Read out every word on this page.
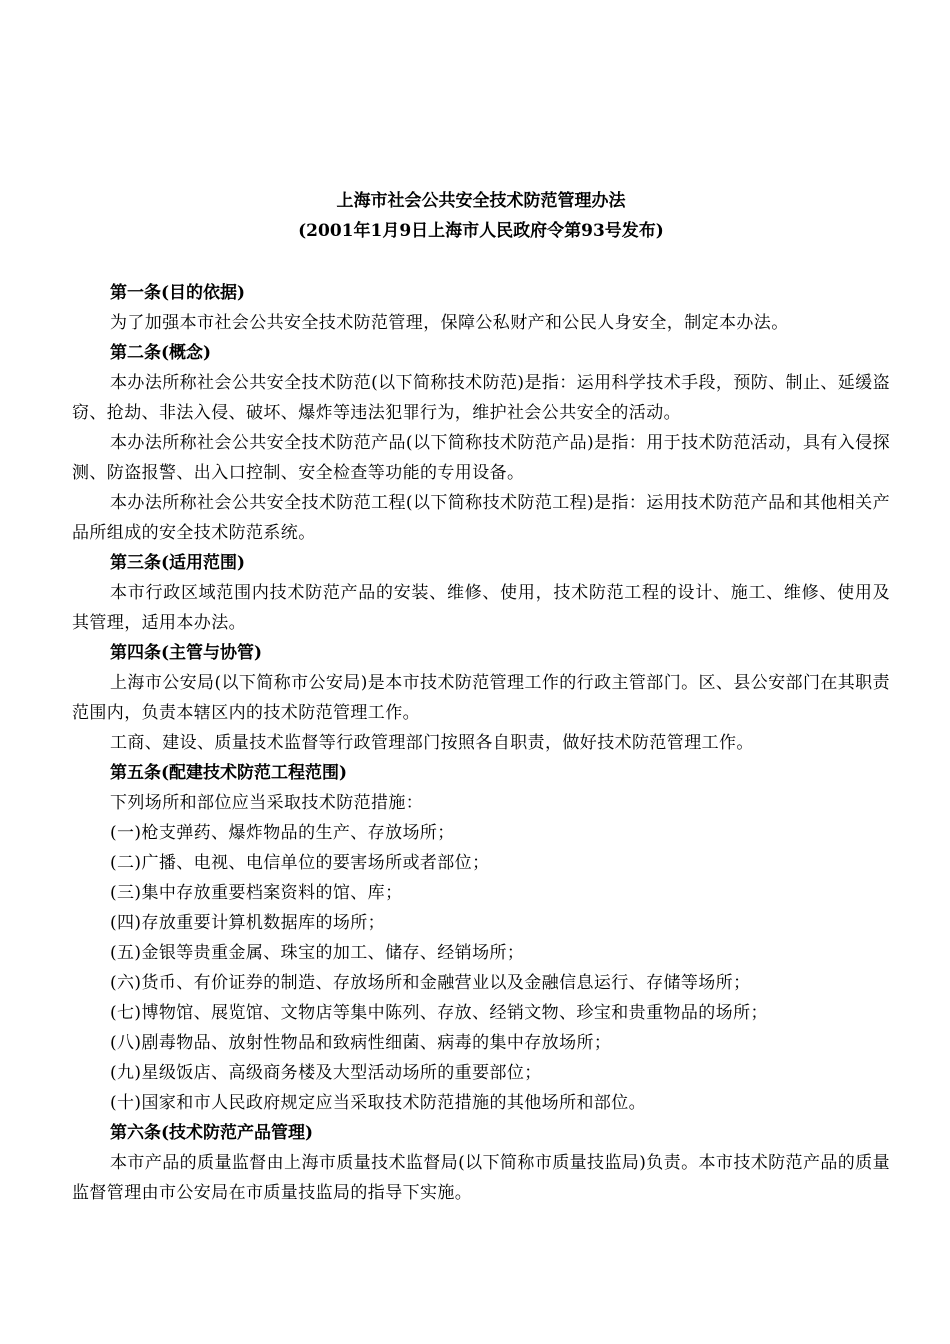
上海市社会公共安全技术防范管理办法

(2001年1月9日上海市人民政府令第93号发布)

第一条(目的依据)

为了加强本市社会公共安全技术防范管理，保障公私财产和公民人身安全，制定本办法。

第二条(概念)

本办法所称社会公共安全技术防范(以下简称技术防范)是指：运用科学技术手段，预防、制止、延缓盗窃、抢劫、非法入侵、破坏、爆炸等违法犯罪行为，维护社会公共安全的活动。

本办法所称社会公共安全技术防范产品(以下简称技术防范产品)是指：用于技术防范活动，具有入侵探测、防盗报警、出入口控制、安全检查等功能的专用设备。

本办法所称社会公共安全技术防范工程(以下简称技术防范工程)是指：运用技术防范产品和其他相关产品所组成的安全技术防范系统。

第三条(适用范围)

本市行政区域范围内技术防范产品的安装、维修、使用，技术防范工程的设计、施工、维修、使用及其管理，适用本办法。

第四条(主管与协管)

上海市公安局(以下简称市公安局)是本市技术防范管理工作的行政主管部门。区、县公安部门在其职责范围内，负责本辖区内的技术防范管理工作。

工商、建设、质量技术监督等行政管理部门按照各自职责，做好技术防范管理工作。

第五条(配建技术防范工程范围)

下列场所和部位应当采取技术防范措施：

(一)枪支弹药、爆炸物品的生产、存放场所；

(二)广播、电视、电信单位的要害场所或者部位；

(三)集中存放重要档案资料的馆、库；

(四)存放重要计算机数据库的场所；

(五)金银等贵重金属、珠宝的加工、储存、经销场所；

(六)货币、有价证券的制造、存放场所和金融营业以及金融信息运行、存储等场所；

(七)博物馆、展览馆、文物店等集中陈列、存放、经销文物、珍宝和贵重物品的场所；

(八)剧毒物品、放射性物品和致病性细菌、病毒的集中存放场所；

(九)星级饭店、高级商务楼及大型活动场所的重要部位；

(十)国家和市人民政府规定应当采取技术防范措施的其他场所和部位。

第六条(技术防范产品管理)

本市产品的质量监督由上海市质量技术监督局(以下简称市质量技监局)负责。本市技术防范产品的质量监督管理由市公安局在市质量技监局的指导下实施。
